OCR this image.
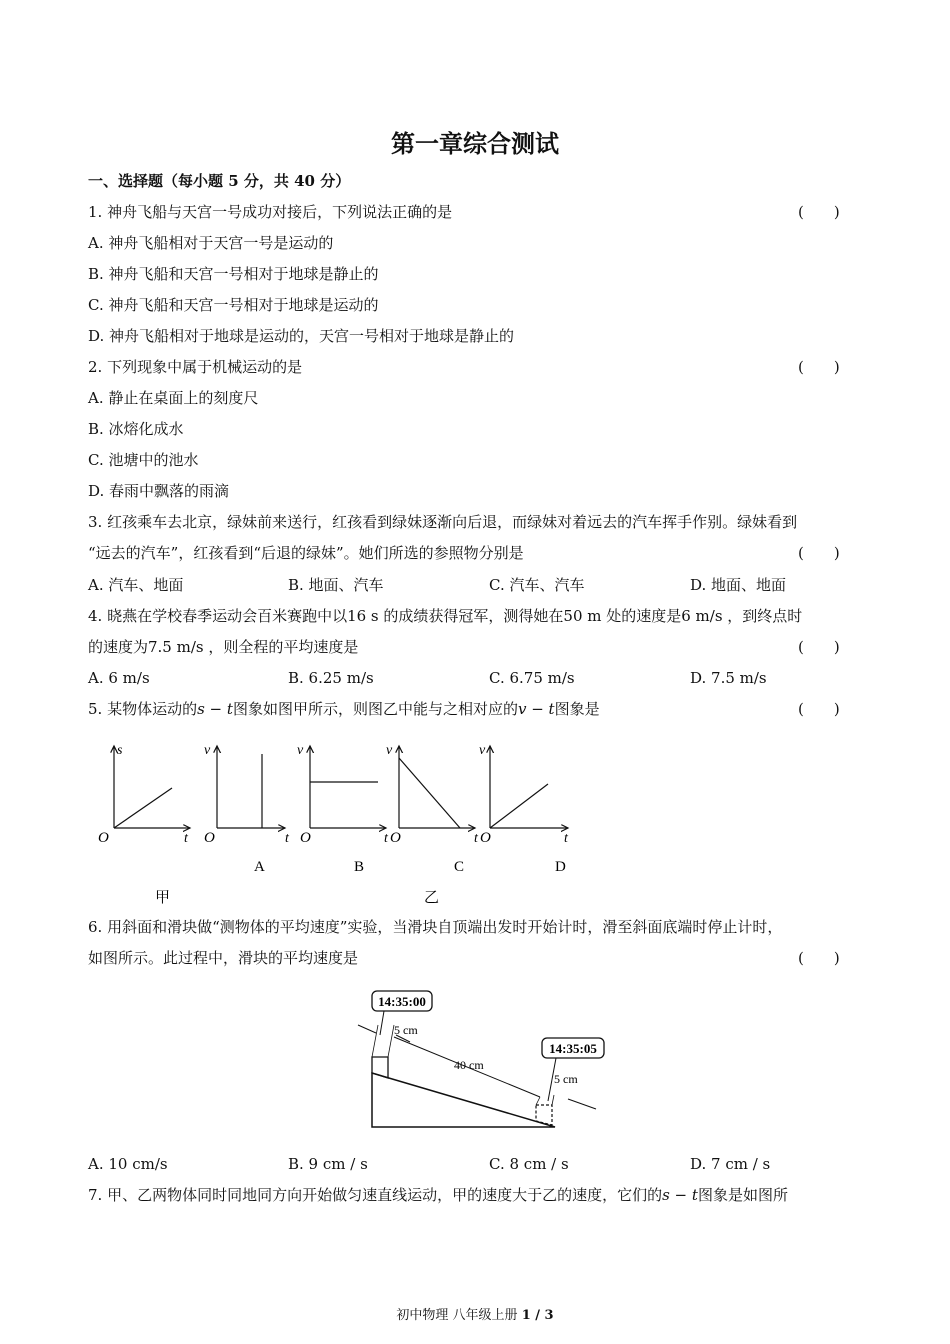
第一章综合测试
一、选择题（每小题 5 分，共 40 分）
1. 神舟飞船与天宫一号成功对接后，下列说法正确的是	(　　)
A. 神舟飞船相对于天宫一号是运动的
B. 神舟飞船和天宫一号相对于地球是静止的
C. 神舟飞船和天宫一号相对于地球是运动的
D. 神舟飞船相对于地球是运动的，天宫一号相对于地球是静止的
2. 下列现象中属于机械运动的是	(　　)
A. 静止在桌面上的刻度尺
B. 冰熔化成水
C. 池塘中的池水
D. 春雨中飘落的雨滴
3. 红孩乘车去北京，绿妹前来送行，红孩看到绿妹逐渐向后退，而绿妹对着远去的汽车挥手作别。绿妹看到
“远去的汽车”，红孩看到“后退的绿妹”。她们所选的参照物分别是	(　　)
A. 汽车、地面	B. 地面、汽车	C. 汽车、汽车	D. 地面、地面
4. 晓燕在学校春季运动会百米赛跑中以16 s 的成绩获得冠军，测得她在50 m 处的速度是6 m/s ，到终点时
的速度为7.5 m/s ，则全程的平均速度是	(　　)
A. 6 m/s	B. 6.25 m/s	C. 6.75 m/s	D. 7.5 m/s
5. 某物体运动的s − t图象如图甲所示，则图乙中能与之相对应的v − t图象是	(　　)
s
O	t
v
O	t
A
v
O	t
B
v
O	t
C
v
O	t
D
甲	乙
6. 用斜面和滑块做“测物体的平均速度”实验，当滑块自顶端出发时开始计时，滑至斜面底端时停止计时，
如图所示。此过程中，滑块的平均速度是	(　　)
14:35:00
14:35:05
5 cm
40 cm
5 cm
A. 10 cm/s	B. 9 cm / s	C. 8 cm / s	D. 7 cm / s
7. 甲、乙两物体同时同地同方向开始做匀速直线运动，甲的速度大于乙的速度，它们的s − t图象是如图所
初中物理 八年级上册 1 / 3
